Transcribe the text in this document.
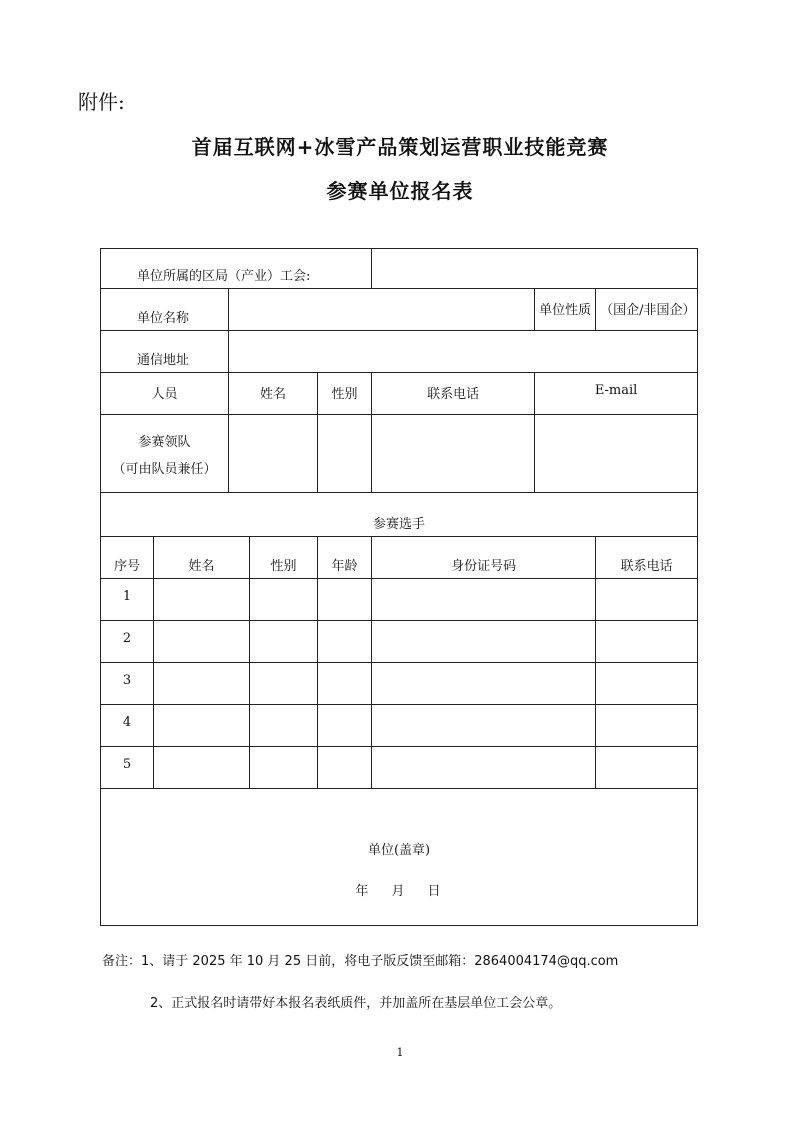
附件:
首届互联网+冰雪产品策划运营职业技能竞赛
参赛单位报名表
单位所属的区局（产业）工会:							
单位名称						单位性质	（国企/非国企）
通信地址							
人员		姓名		性别	联系电话	E-mail	

参赛领队
（可由队员兼任）							

参赛选手							
序号	姓名		性别	年龄	身份证号码		联系电话
1							
2							
3							
4							
5							

单位(盖章)
年　 月　 日							
备注：1、请于 2025 年 10 月 25 日前，将电子版反馈至邮箱：2864004174@qq.com
2、正式报名时请带好本报名表纸质件，并加盖所在基层单位工会公章。
1
